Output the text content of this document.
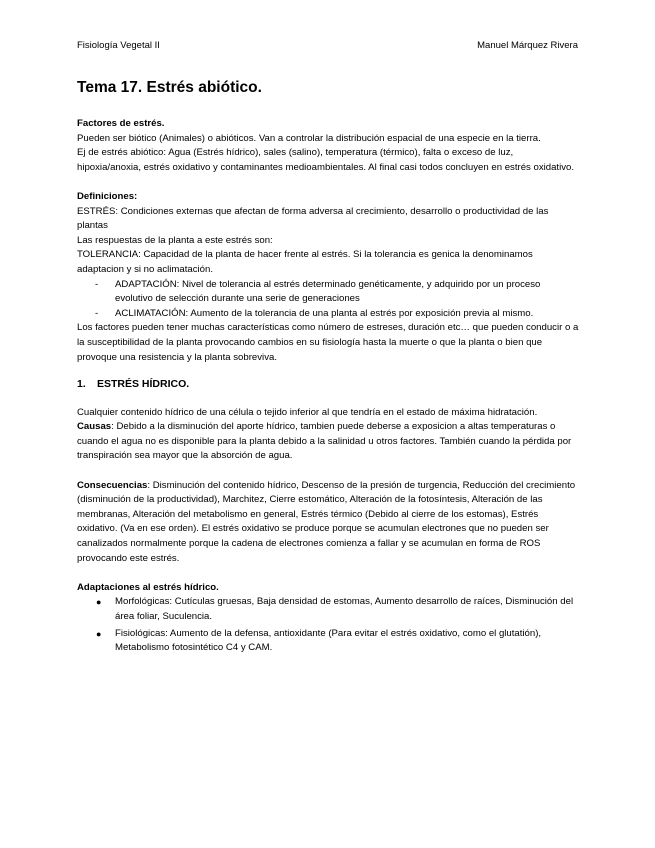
Fisiología Vegetal II	Manuel Márquez Rivera
Tema 17. Estrés abiótico.

Factores de estrés.

Pueden ser biótico (Animales) o abióticos. Van a controlar la distribución espacial de una especie en la tierra.

Ej de estrés abiótico: Agua (Estrés hídrico), sales (salino), temperatura (térmico), falta o exceso de luz, hipoxia/anoxia, estrés oxidativo y contaminantes medioambientales. Al final casi todos concluyen en estrés oxidativo.

Definiciones:

ESTRÉS: Condiciones externas que afectan de forma adversa al crecimiento, desarrollo o productividad de las plantas

Las respuestas de la planta a este estrés son:

TOLERANCIA: Capacidad de la planta de hacer frente al estrés. Si la tolerancia es genica la denominamos adaptacion y si no aclimatación.

- ADAPTACIÓN: Nivel de tolerancia al estrés determinado genéticamente, y adquirido por un proceso evolutivo de selección durante una serie de generaciones
- ACLIMATACIÓN: Aumento de la tolerancia de una planta al estrés por exposición previa al mismo.

Los factores pueden tener muchas características como número de estreses, duración etc… que pueden conducir o a la susceptibilidad de la planta provocando cambios en su fisiología hasta la muerte o que la planta o bien que provoque una resistencia y la planta sobreviva.

1.	ESTRÉS HÍDRICO.

Cualquier contenido hídrico de una célula o tejido inferior al que tendría en el estado de máxima hidratación.

Causas: Debido a la disminución del aporte hídrico, tambien puede deberse a exposicion a altas temperaturas o cuando el agua no es disponible para la planta debido a la salinidad u otros factores. También cuando la pérdida por transpiración sea mayor que la absorción de agua.

Consecuencias: Disminución del contenido hídrico, Descenso de la presión de turgencia, Reducción del crecimiento (disminución de la productividad), Marchitez, Cierre estomático, Alteración de la fotosíntesis, Alteración de las membranas, Alteración del metabolismo en general, Estrés térmico (Debido al cierre de los estomas), Estrés oxidativo. (Va en ese orden). El estrés oxidativo se produce porque se acumulan electrones que no pueden ser canalizados normalmente porque la cadena de electrones comienza a fallar y se acumulan en forma de ROS provocando este estrés.

Adaptaciones al estrés hídrico.

● Morfológicas: Cutículas gruesas, Baja densidad de estomas, Aumento desarrollo de raíces, Disminución del área foliar, Suculencia.
● Fisiológicas: Aumento de la defensa, antioxidante (Para evitar el estrés oxidativo, como el glutatión), Metabolismo fotosintético C4 y CAM.
